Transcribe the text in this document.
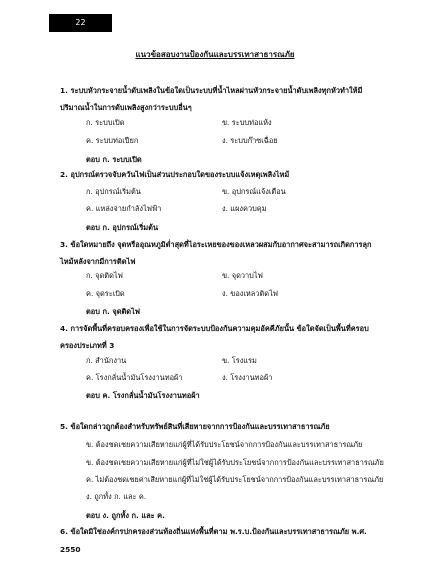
22
แนวข้อสอบงานป้องกันและบรรเทาสาธารณภัย
1. ระบบหัวกระจายน้ำดับเพลิงในข้อใดเป็นระบบที่น้ำไหลผ่านหัวกระจายน้ำดับเพลิงทุกหัวทำให้มีปริมาณน้ำในการดับเพลิงสูงกว่าระบบอื่นๆ
ก. ระบบเปิด	ข. ระบบท่อแห้ง
ค. ระบบท่อเปียก	ง. ระบบก๊าซเฉื่อย
ตอบ ก. ระบบเปิด
2. อุปกรณ์ตรวจจับควันไฟเป็นส่วนประกอบใดของระบบแจ้งเหตุเพลิงไหม้
ก. อุปกรณ์เริ่มต้น	ข. อุปกรณ์แจ้งเตือน
ค. แหล่งจ่ายกำลังไฟฟ้า	ง. แผงควบคุม
ตอบ ก. อุปกรณ์เริ่มต้น
3. ข้อใดหมายถึง จุดหรืออุณหภูมิต่ำสุดที่ไอระเหยของของเหลวผสมกับอากาศจะสามารถเกิดการลุกไหม้หลังจากมีการติดไฟ
ก. จุดติดไฟ	ข. จุดวาบไฟ
ค. จุดระเบิด	ง. ของเหลวติดไฟ
ตอบ ก. จุดติดไฟ
4. การจัดพื้นที่ครอบครองเพื่อใช้ในการจัดระบบป้องกันความคุมอัคคีภัยนั้น ข้อใดจัดเป็นพื้นที่ครอบครองประเภทที่ 3
ก. สำนักงาน	ข. โรงแรม
ค. โรงกลั่นน้ำมันโรงงานทอผ้า	ง. โรงงานทอผ้า
ตอบ ค. โรงกลั่นน้ำมันโรงงานทอผ้า
5. ข้อใดกล่าวถูกต้องสำหรับทรัพย์สินที่เสียหายจากการป้องกันและบรรเทาสาธารณภัย
ข. ต้องชดเชยความเสียหายแก่ผู้ที่ได้รับประโยชน์จากการป้องกันและบรรเทาสาธารณภัย
ข. ต้องชดเชยความเสียหายแก่ผู้ที่ไม่ใช่ผู้ได้รับประโยชน์จากการป้องกันและบรรเทาสาธารณภัย
ค. ไม่ต้องชดเชยค่าเสียหายแก่ผู้ที่ไม่ใช่ผู้ได้รับประโยชน์จากการป้องกันและบรรเทาสาธารณภัย
ง. ถูกทั้ง ก. และ ค.
ตอบ ง. ถูกทั้ง ก. และ ค.
6. ข้อใดมิใช่องค์กรปกครองส่วนท้องถิ่นแห่งพื้นที่ตาม พ.ร.บ.ป้องกันและบรรเทาสาธารณภัย พ.ศ.
2550
